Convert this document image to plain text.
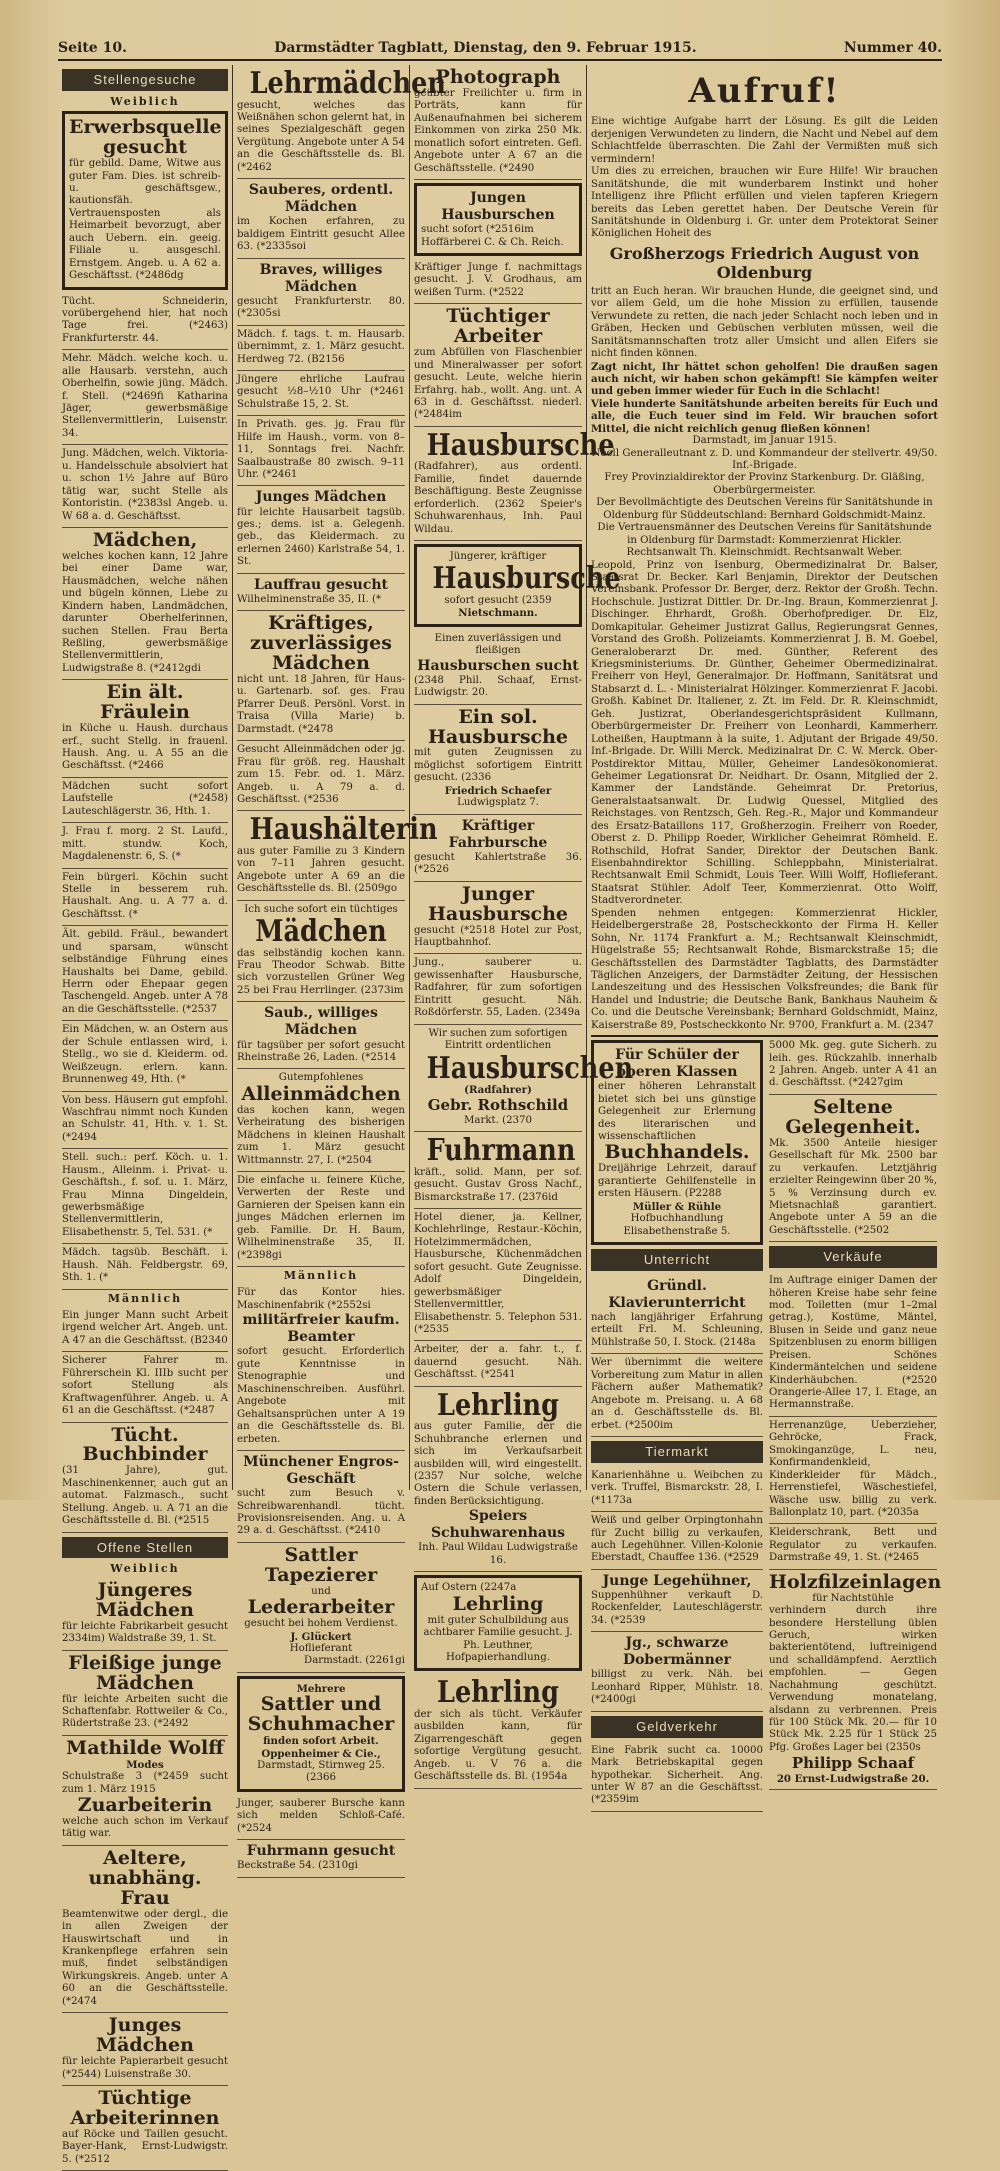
Seite 10.	Darmstädter Tagblatt, Dienstag, den 9. Februar 1915.	Nummer 40.
Stellengesuche
Weiblich
Erwerbsquelle gesucht

für gebild. Dame, Witwe aus guter Fam. Dies. ist schreib- u. geschäftsgew., kautionsfäh. Vertrauensposten als Heimarbeit bevorzugt, aber auch Uebern. ein. geeig. Filiale u. ausgeschl. Ernstgem. Angeb. u. A 62 a. Geschäftsst. (*2486dg

Tücht. Schneiderin, vorübergehend hier, hat noch Tage frei. (*2463) Frankfurterstr. 44.
Mehr. Mädch. welche koch. u. alle Hausarb. verstehn, auch Oberhelfin, sowie jüng. Mädch. f. Stell. (*2469fi Katharina Jäger, gewerbsmäßige Stellenvermittlerin, Luisenstr. 34.
Jung. Mädchen, welch. Viktoria- u. Handelsschule absolviert hat u. schon 1½ Jahre auf Büro tätig war, sucht Stelle als Kontoristin. (*2383sl Angeb. u. W 68 a. d. Geschäftsst.
Mädchen,

welches kochen kann, 12 Jahre bei einer Dame war, Hausmädchen, welche nähen und bügeln können, Liebe zu Kindern haben, Landmädchen, darunter Oberhelferinnen, suchen Stellen. Frau Berta Reßling, gewerbsmäßige Stellenvermittlerin, Ludwigstraße 8. (*2412gdi

Ein ält. Fräulein

in Küche u. Haush. durchaus erf., sucht Stellg. in frauenl. Haush. Ang. u. A 55 an die Geschäftsst. (*2466

Mädchen sucht sofort Laufstelle (*2458) Lauteschlägerstr. 36, Hth. 1.
J. Frau f. morg. 2 St. Laufd., mitt. stundw. Koch, Magdalenenstr. 6, S. (*
Fein bürgerl. Köchin sucht Stelle in besserem ruh. Haushalt. Ang. u. A 77 a. d. Geschäftsst. (*
Ält. gebild. Fräul., bewandert und sparsam, wünscht selbständige Führung eines Haushalts bei Dame, gebild. Herrn oder Ehepaar gegen Taschengeld. Angeb. unter A 78 an die Geschäftsstelle. (*2537
Ein Mädchen, w. an Ostern aus der Schule entlassen wird, i. Stellg., wo sie d. Kleiderm. od. Weißzeugn. erlern. kann. Brunnenweg 49, Hth. (*
Von bess. Häusern gut empfohl. Waschfrau nimmt noch Kunden an Schulstr. 41, Hth. v. 1. St. (*2494
Stell. such.: perf. Köch. u. 1. Hausm., Alleinm. i. Privat- u. Geschäftsh., f. sof. u. 1. März, Frau Minna Dingeldein, gewerbsmäßige Stellenvermittlerin, Elisabethenstr. 5, Tel. 531. (*
Mädch. tagsüb. Beschäft. i. Haush. Näh. Feldbergstr. 69, Sth. 1. (*
Männlich
Ein junger Mann sucht Arbeit irgend welcher Art. Angeb. unt. A 47 an die Geschäftsst. (B2340
Sicherer Fahrer m. Führerschein Kl. IIIb sucht per sofort Stellung als Kraftwagenführer. Angeb. u. A 61 an die Geschäftsst. (*2487
Tücht. Buchbinder

(31 Jahre), gut. Maschinenkenner, auch gut an automat. Falzmasch., sucht Stellung. Angeb. u. A 71 an die Geschäftsstelle d. Bl. (*2515

Offene Stellen
Weiblich
Jüngeres Mädchen

für leichte Fabrikarbeit gesucht 2334im) Waldstraße 39, 1. St.

Fleißige junge Mädchen

für leichte Arbeiten sucht die Schaftenfabr. Rottweiler & Co., Rüdertstraße 23. (*2492

Mathilde Wolff

Modes

Schulstraße 3 (*2459 sucht zum 1. März 1915

Zuarbeiterin

welche auch schon im Verkauf tätig war.

Aeltere, unabhäng. Frau

Beamtenwitwe oder dergl., die in allen Zweigen der Hauswirtschaft und in Krankenpflege erfahren sein muß, findet selbständigen Wirkungskreis. Angeb. unter A 60 an die Geschäftsstelle. (*2474

Junges Mädchen

für leichte Papierarbeit gesucht (*2544) Luisenstraße 30.

Tüchtige Arbeiterinnen

auf Röcke und Taillen gesucht. Bayer-Hank, Ernst-Ludwigstr. 5. (*2512

Lehrmädchen

gesucht, welches das Weißnähen schon gelernt hat, in seines Spezialgeschäft gegen Vergütung. Angebote unter A 54 an die Geschäftsstelle ds. Bl. (*2462

Sauberes, ordentl. Mädchen

im Kochen erfahren, zu baldigem Eintritt gesucht Allee 63. (*2335soi

Braves, williges Mädchen

gesucht Frankfurterstr. 80. (*2305si

Mädch. f. tags. t. m. Hausarb. übernimmt, z. 1. März gesucht. Herdweg 72. (B2156
Jüngere ehrliche Laufrau gesucht ½8–½10 Uhr (*2461 Schulstraße 15, 2. St.
In Privath. ges. jg. Frau für Hilfe im Haush., vorm. von 8–11, Sonntags frei. Nachfr. Saalbaustraße 80 zwisch. 9–11 Uhr. (*2461
Junges Mädchen

für leichte Hausarbeit tagsüb. ges.; dems. ist a. Gelegenh. geb., das Kleidermach. zu erlernen 2460) Karlstraße 54, 1. St.

Lauffrau gesucht

Wilhelminenstraße 35, II. (*

Kräftiges, zuverlässiges Mädchen

nicht unt. 18 Jahren, für Haus- u. Gartenarb. sof. ges. Frau Pfarrer Deuß. Persönl. Vorst. in Traisa (Villa Marie) b. Darmstadt. (*2478

Gesucht Alleinmädchen oder jg. Frau für größ. reg. Haushalt zum 15. Febr. od. 1. März. Angeb. u. A 79 a. d. Geschäftsst. (*2536
Haushälterin

aus guter Familie zu 3 Kindern von 7–11 Jahren gesucht. Angebote unter A 69 an die Geschäftsstelle ds. Bl. (2509go

Ich suche sofort ein tüchtiges

Mädchen

das selbständig kochen kann. Frau Theodor Schwab. Bitte sich vorzustellen Grüner Weg 25 bei Frau Herrlinger. (2373im

Saub., williges Mädchen

für tagsüber per sofort gesucht Rheinstraße 26, Laden. (*2514

Gutempfohlenes

Alleinmädchen

das kochen kann, wegen Verheiratung des bisherigen Mädchens in kleinen Haushalt zum 1. März gesucht Wittmannstr. 27, I. (*2504

Die einfache u. feinere Küche, Verwerten der Reste und Garnieren der Speisen kann ein junges Mädchen erlernen im geb. Familie. Dr. H. Baum, Wilhelminenstraße 35, II. (*2398gi
Männlich

Für das Kontor hies. Maschinenfabrik (*2552si

militärfreier kaufm. Beamter

sofort gesucht. Erforderlich gute Kenntnisse in Stenographie und Maschinenschreiben. Ausführl. Angebote mit Gehaltsansprüchen unter A 19 an die Geschäftsstelle ds. Bl. erbeten.

Münchener Engros-Geschäft

sucht zum Besuch v. Schreibwarenhandl. tücht. Provisionsreisenden. Ang. u. A 29 a. d. Geschäftsst. (*2410

Sattler
Tapezierer

und

Lederarbeiter

gesucht bei hohem Verdienst.

J. Glückert

Hoflieferant

Darmstadt. (2261gi

Mehrere

Sattler und Schuhmacher

finden sofort Arbeit.

Oppenheimer & Cie.,

Darmstadt, Stirnweg 25. (2366

Junger, sauberer Bursche kann sich melden Schloß-Café. (*2524
Fuhrmann gesucht

Beckstraße 54. (2310gi

Photograph

geübter Freilichter u. firm in Porträts, kann für Außenaufnahmen bei sicherem Einkommen von zirka 250 Mk. monatlich sofort eintreten. Gefl. Angebote unter A 67 an die Geschäftsstelle. (*2490

Jungen Hausburschen

sucht sofort (*2516im Hoffärberei C. & Ch. Reich.

Kräftiger Junge f. nachmittags gesucht. J. V. Grodhaus, am weißen Turm. (*2522
Tüchtiger Arbeiter

zum Abfüllen von Flaschenbier und Mineralwasser per sofort gesucht. Leute, welche hierin Erfahrg. hab., wollt. Ang. unt. A 63 in d. Geschäftsst. niederl. (*2484im

Hausbursche

(Radfahrer), aus ordentl. Familie, findet dauernde Beschäftigung. Beste Zeugnisse erforderlich. (2362 Speier's Schuhwarenhaus, Inh. Paul Wildau.

Jüngerer, kräftiger

Hausbursche

sofort gesucht (2359

Nietschmann.

Einen zuverlässigen und fleißigen

Hausburschen sucht

(2348 Phil. Schaaf, Ernst-Ludwigstr. 20.

Ein sol. Hausbursche

mit guten Zeugnissen zu möglichst sofortigem Eintritt gesucht. (2336

Friedrich Schaefer

Ludwigsplatz 7.

Kräftiger Fahrbursche

gesucht Kahlertstraße 36. (*2526

Junger Hausbursche

gesucht (*2518 Hotel zur Post, Hauptbahnhof.

Jung., sauberer u. gewissenhafter Hausbursche, Radfahrer, für zum sofortigen Eintritt gesucht. Näh. Roßdörferstr. 55, Laden. (2349a

Wir suchen zum sofortigen Eintritt ordentlichen

Hausburschen

(Radfahrer)

Gebr. Rothschild

Markt. (2370

Fuhrmann

kräft., solid. Mann, per sof. gesucht. Gustav Gross Nachf., Bismarckstraße 17. (2376id

Hotel diener, ja. Kellner, Kochlehrlinge, Restaur.-Köchin, Hotelzimmermädchen, Hausbursche, Küchenmädchen sofort gesucht. Gute Zeugnisse. Adolf Dingeldein, gewerbsmäßiger Stellenvermittler, Elisabethenstr. 5. Telephon 531. (*2535
Arbeiter, der a. fahr. t., f. dauernd gesucht. Näh. Geschäftsst. (*2541
Lehrling

aus guter Familie, der die Schuhbranche erlernen und sich im Verkaufsarbeit ausbilden will, wird eingestellt. (2357 Nur solche, welche Ostern die Schule verlassen, finden Berücksichtigung.

Speiers Schuhwarenhaus

Inh. Paul Wildau Ludwigstraße 16.

Auf Ostern (2247a

Lehrling

mit guter Schulbildung aus achtbarer Familie gesucht. J. Ph. Leuthner, Hofpapierhandlung.

Lehrling

der sich als tücht. Verkäufer ausbilden kann, für Zigarrengeschäft gegen sofortige Vergütung gesucht. Angeb. u. V 76 a. die Geschäftsstelle ds. Bl. (1954a

Aufruf!

Eine wichtige Aufgabe harrt der Lösung. Es gilt die Leiden derjenigen Verwundeten zu lindern, die Nacht und Nebel auf dem Schlachtfelde überraschten. Die Zahl der Vermißten muß sich vermindern!

Um dies zu erreichen, brauchen wir Eure Hilfe! Wir brauchen Sanitätshunde, die mit wunderbarem Instinkt und hoher Intelligenz ihre Pflicht erfüllen und vielen tapferen Kriegern bereits das Leben gerettet haben. Der Deutsche Verein für Sanitätshunde in Oldenburg i. Gr. unter dem Protektorat Seiner Königlichen Hoheit des

Großherzogs Friedrich August von Oldenburg

tritt an Euch heran. Wir brauchen Hunde, die geeignet sind, und vor allem Geld, um die hohe Mission zu erfüllen, tausende Verwundete zu retten, die nach jeder Schlacht noch leben und in Gräben, Hecken und Gebüschen verbluten müssen, weil die Sanitätsmannschaften trotz aller Umsicht und allen Eifers sie nicht finden können.

Zagt nicht, Ihr hättet schon geholfen! Die draußen sagen auch nicht, wir haben schon gekämpft! Sie kämpfen weiter und geben immer wieder für Euch in die Schlacht!

Viele hunderte Sanitätshunde arbeiten bereits für Euch und alle, die Euch teuer sind im Feld. Wir brauchen sofort Mittel, die nicht reichlich genug fließen können!

Darmstadt, im Januar 1915.

Noell Generalleutnant z. D. und Kommandeur der stellvertr. 49/50. Inf.-Brigade.

Frey Provinzialdirektor der Provinz Starkenburg. Dr. Gläßing, Oberbürgermeister.

Der Bevollmächtigte des Deutschen Vereins für Sanitätshunde in Oldenburg für Süddeutschland: Bernhard Goldschmidt-Mainz.

Die Vertrauensmänner des Deutschen Vereins für Sanitätshunde in Oldenburg für Darmstadt: Kommerzienrat Hickler. Rechtsanwalt Th. Kleinschmidt. Rechtsanwalt Weber.

Leopold, Prinz von Isenburg, Obermedizinalrat Dr. Balser, Staatsrat Dr. Becker. Karl Benjamin, Direktor der Deutschen Vereinsbank. Professor Dr. Berger, derz. Rektor der Großh. Techn. Hochschule. Justizrat Dittler. Dr. Dr.-Ing. Braun, Kommerzienrat J. Dischinger. Ehrhardt, Großh. Oberhofprediger. Dr. Elz, Domkapitular. Geheimer Justizrat Gallus, Regierungsrat Gennes, Vorstand des Großh. Polizeiamts. Kommerzienrat J. B. M. Goebel, Generaloberarzt Dr. med. Günther, Referent des Kriegsministeriums. Dr. Günther, Geheimer Obermedizinalrat. Freiherr von Heyl, Generalmajor. Dr. Hoffmann, Sanitätsrat und Stabsarzt d. L. - Ministerialrat Hölzinger. Kommerzienrat F. Jacobi. Großh. Kabinet Dr. Italiener, z. Zt. im Feld. Dr. R. Kleinschmidt, Geh. Justizrat, Oberlandesgerichtspräsident Kullmann, Oberbürgermeister Dr. Freiherr von Leonhardi, Kammerherr. Lotheißen, Hauptmann à la suite, 1. Adjutant der Brigade 49/50. Inf.-Brigade. Dr. Willi Merck. Medizinalrat Dr. C. W. Merck. Ober-Postdirektor Mittau, Müller, Geheimer Landesökonomierat. Geheimer Legationsrat Dr. Neidhart. Dr. Osann, Mitglied der 2. Kammer der Landstände. Geheimrat Dr. Pretorius, Generalstaatsanwalt. Dr. Ludwig Quessel, Mitglied des Reichstages. von Rentzsch, Geh. Reg.-R., Major und Kommandeur des Ersatz-Bataillons 117, Großherzogin. Freiherr von Roeder, Oberst z. D. Philipp Roeder, Wirklicher Geheimrat Römheld. E. Rothschild, Hofrat Sander, Direktor der Deutschen Bank. Eisenbahndirektor Schilling. Schleppbahn, Ministerialrat. Rechtsanwalt Emil Schmidt, Louis Teer. Willi Wolff, Hoflieferant. Staatsrat Stühler. Adolf Teer, Kommerzienrat. Otto Wolff, Stadtverordneter.

Spenden nehmen entgegen: Kommerzienrat Hickler, Heidelbergerstraße 28, Postscheckkonto der Firma H. Keller Sohn, Nr. 1174 Frankfurt a. M.; Rechtsanwalt Kleinschmidt, Hügelstraße 55; Rechtsanwalt Rohde, Bismarckstraße 15; die Geschäftsstellen des Darmstädter Tagblatts, des Darmstädter Täglichen Anzeigers, der Darmstädter Zeitung, der Hessischen Landeszeitung und des Hessischen Volksfreundes; die Bank für Handel und Industrie; die Deutsche Bank, Bankhaus Nauheim & Co. und die Deutsche Vereinsbank; Bernhard Goldschmidt, Mainz, Kaiserstraße 89, Postscheckkonto Nr. 9700, Frankfurt a. M. (2347

Für Schüler der oberen Klassen

einer höheren Lehranstalt bietet sich bei uns günstige Gelegenheit zur Erlernung des literarischen und wissenschaftlichen

Buchhandels.

Dreijährige Lehrzeit, darauf garantierte Gehilfenstelle in ersten Häusern. (P2288

Müller & Rühle

Hofbuchhandlung

Elisabethenstraße 5.

Unterricht
Gründl. Klavierunterricht

nach langjähriger Erfahrung erteilt Frl. M. Schleuning, Mühlstraße 50, I. Stock. (2148a

Wer übernimmt die weitere Vorbereitung zum Matur in allen Fächern außer Mathematik? Angebote m. Preisang. u. A 68 an d. Geschäftsstelle ds. Bl. erbet. (*2500im
Tiermarkt
Kanarienhähne u. Weibchen zu verk. Truffel, Bismarckstr. 28, I. (*1173a
Weiß und gelber Orpingtonhahn für Zucht billig zu verkaufen, auch Legehühner. Villen-Kolonie Eberstadt, Chauffee 136. (*2529
Junge Legehühner,

Suppenhühner verkauft D. Rockenfelder, Lauteschlägerstr. 34. (*2539

Jg., schwarze Dobermänner

billigst zu verk. Näh. bei Leonhard Ripper, Mühlstr. 18. (*2400gi

Geldverkehr
Eine Fabrik sucht ca. 10000 Mark Betriebskapital gegen hypothekar. Sicherheit. Ang. unter W 87 an die Geschäftsst. (*2359im
5000 Mk. geg. gute Sicherh. zu leih. ges. Rückzahlb. innerhalb 2 Jahren. Angeb. unter A 41 an d. Geschäftsst. (*2427gim
Seltene Gelegenheit.

Mk. 3500 Anteile hiesiger Gesellschaft für Mk. 2500 bar zu verkaufen. Letztjährig erzielter Reingewinn über 20 %, 5 % Verzinsung durch ev. Mietsnachlaß garantiert. Angebote unter A 59 an die Geschäftsstelle. (*2502

Verkäufe
Im Auftrage einiger Damen der höheren Kreise habe sehr feine mod. Toiletten (mur 1–2mal getrag.), Kostüme, Mäntel, Blusen in Seide und ganz neue Spitzenblusen zu enorm billigen Preisen. Schönes Kindermäntelchen und seidene Kinderhäubchen. (*2520 Orangerie-Allee 17, I. Etage, an Hermannstraße.
Herrenanzüge, Ueberzieher, Gehröcke, Frack, Smokinganzüge, L. neu, Konfirmandenkleid, Kinderkleider für Mädch., Herrenstiefel, Wäschestiefel, Wäsche usw. billig zu verk. Ballonplatz 10, part. (*2035a
Kleiderschrank, Bett und Regulator zu verkaufen. Darmstraße 49, 1. St. (*2465
Holzfilzeinlagen

für Nachtstühle

verhindern durch ihre besondere Herstellung üblen Geruch, wirken bakterientötend, luftreinigend und schalldämpfend. Aerztlich empfohlen. — Gegen Nachahmung geschützt. Verwendung monatelang, alsdann zu verbrennen. Preis für 100 Stück Mk. 20.— für 10 Stück Mk. 2.25 für 1 Stück 25 Pfg. Großes Lager bei (2350s

Philipp Schaaf

20 Ernst-Ludwigstraße 20.
